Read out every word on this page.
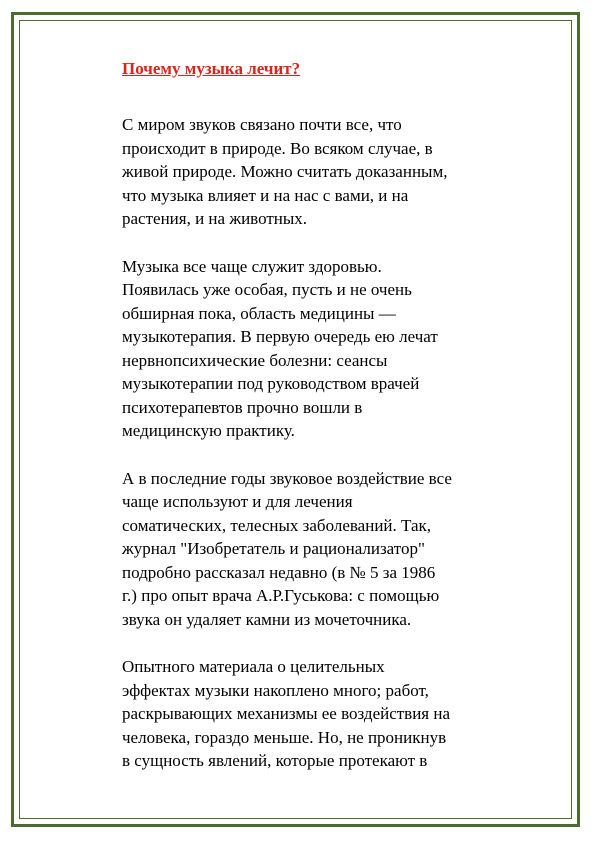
Почему музыка лечит?

С миром звуков связано почти все, что
происходит в природе. Во всяком случае, в
живой природе. Можно считать доказанным,
что музыка влияет и на нас с вами, и на
растения, и на животных.

Музыка все чаще служит здоровью.
Появилась уже особая, пусть и не очень
обширная пока, область медицины —
музыкотерапия. В первую очередь ею лечат
нервнопсихические болезни: сеансы
музыкотерапии под руководством врачей
психотерапевтов прочно вошли в
медицинскую практику.

А в последние годы звуковое воздействие все
чаще используют и для лечения
соматических, телесных заболеваний. Так,
журнал "Изобретатель и рационализатор"
подробно рассказал недавно (в № 5 за 1986
г.) про опыт врача А.Р.Гуськова: с помощью
звука он удаляет камни из мочеточника.

Опытного материала о целительных
эффектах музыки накоплено много; работ,
раскрывающих механизмы ее воздействия на
человека, гораздо меньше. Но, не проникнув
в сущность явлений, которые протекают в
